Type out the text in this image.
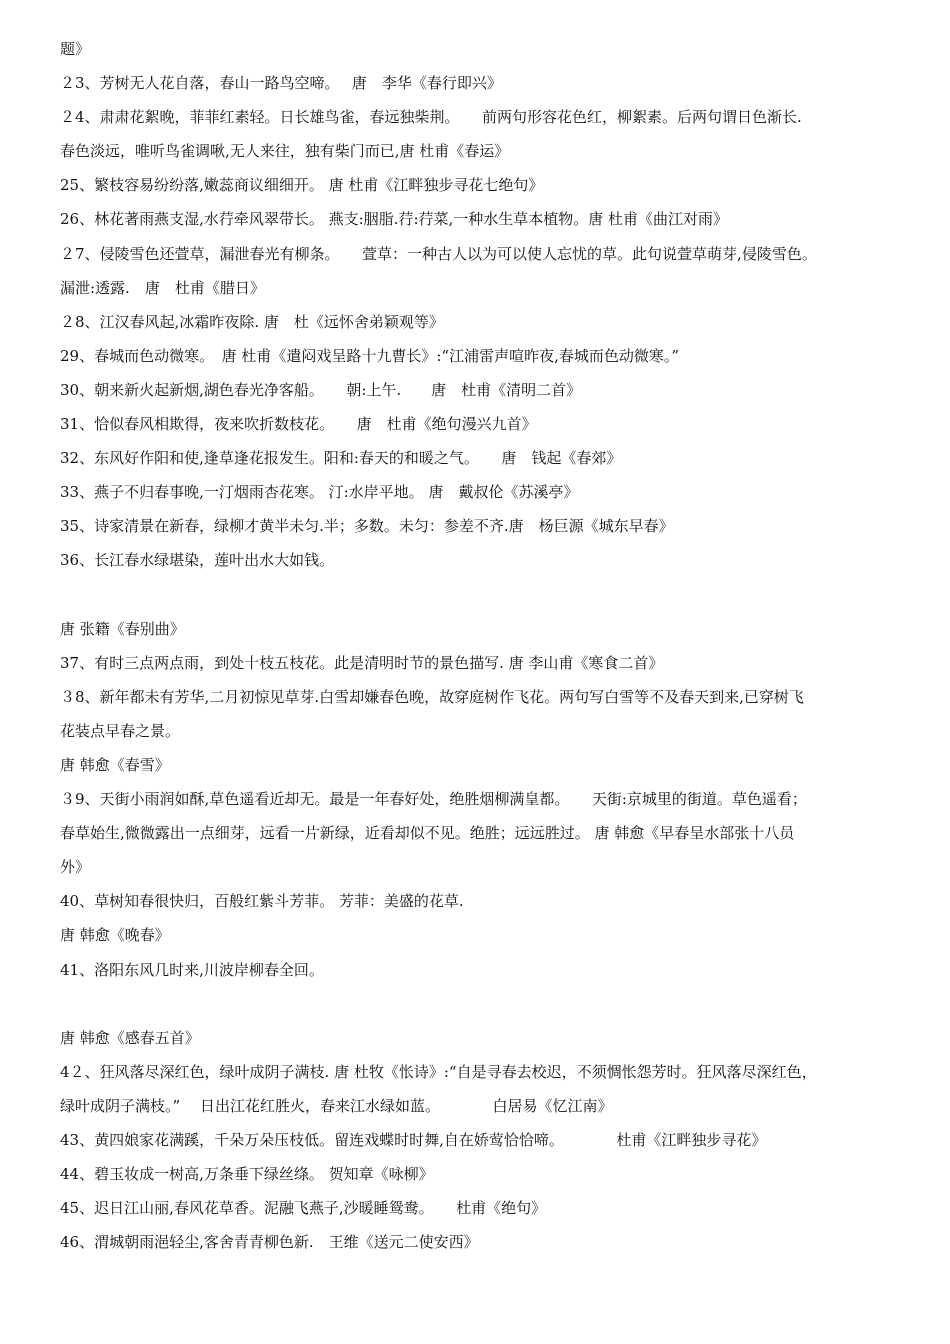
题》
２3、芳树无人花自落，春山一路鸟空啼。　 唐　李华《春行即兴》
２4、肃肃花絮晚，菲菲红素轻。日长雄鸟雀，春远独柴荆。　　前两句形容花色红，柳絮素。后两句谓日色渐长.
春色淡远，唯听鸟雀调啾,无人来往，独有柴门而已,唐 杜甫《春运》
25、繁枝容易纷纷落,嫩蕊商议细细开。 唐 杜甫《江畔独步寻花七绝句》
26、林花著雨燕支湿,水荇牵风翠带长。 燕支:胭脂.荇:荇菜,一种水生草本植物。唐 杜甫《曲江对雨》
２7、侵陵雪色还萱草，漏泄春光有柳条。　　萱草：一种古人以为可以使人忘忧的草。此句说萱草萌芽,侵陵雪色。
漏泄:透露.　唐　杜甫《腊日》
２8、江汉春风起,冰霜昨夜除. 唐　杜《远怀舍弟颖观等》
29、春城而色动微寒。　唐 杜甫《遣闷戏呈路十九曹长》:“江浦雷声喧昨夜,春城而色动微寒。”
30、朝来新火起新烟,湖色春光净客船。　　朝:上午.　　唐　杜甫《清明二首》
31、恰似春风相欺得，夜来吹折数枝花。　　唐　杜甫《绝句漫兴九首》
32、东风好作阳和使,逢草逢花报发生。阳和:春天的和暖之气。　　唐　钱起《春郊》
33、燕子不归春事晚,一汀烟雨杏花寒。 汀:水岸平地。 唐　戴叔伦《苏溪亭》
35、诗家清景在新春，绿柳才黄半未匀.半；多数。未匀：参差不齐.唐　杨巨源《城东早春》
36、长江春水绿堪染，莲叶出水大如钱。
唐 张籍《春别曲》
37、有时三点两点雨，到处十枝五枝花。此是清明时节的景色描写. 唐 李山甫《寒食二首》
３8、新年都未有芳华,二月初惊见草芽.白雪却嫌春色晚，故穿庭树作飞花。两句写白雪等不及春天到来,已穿树飞
花装点早春之景。
唐 韩愈《春雪》
３9、天街小雨润如酥,草色遥看近却无。最是一年春好处，绝胜烟柳满皇都。　　天街:京城里的街道。草色遥看；
春草始生,微微露出一点细芽，远看一片新绿，近看却似不见。绝胜；远远胜过。 唐 韩愈《早春呈水部张十八员
外》
40、草树知春很快归，百般红紫斗芳菲。 芳菲：美盛的花草.
唐 韩愈《晚春》
41、洛阳东风几时来,川波岸柳春全回。
唐 韩愈《感春五首》
4２、狂风落尽深红色，绿叶成阴子满枝. 唐 杜牧《怅诗》:“自是寻春去校迟，不须惆怅怨芳时。狂风落尽深红色，
绿叶成阴子满枝。”　 日出江花红胜火，春来江水绿如蓝。　　　　白居易《忆江南》
43、黄四娘家花满蹊，千朵万朵压枝低。留连戏蝶时时舞,自在娇莺恰恰啼。　　　　杜甫《江畔独步寻花》
44、碧玉妆成一树高,万条垂下绿丝绦。 贺知章《咏柳》
45、迟日江山丽,春风花草香。泥融飞燕子,沙暖睡鸳鸯。　　杜甫《绝句》
46、渭城朝雨浥轻尘,客舍青青柳色新.　王维《送元二使安西》
